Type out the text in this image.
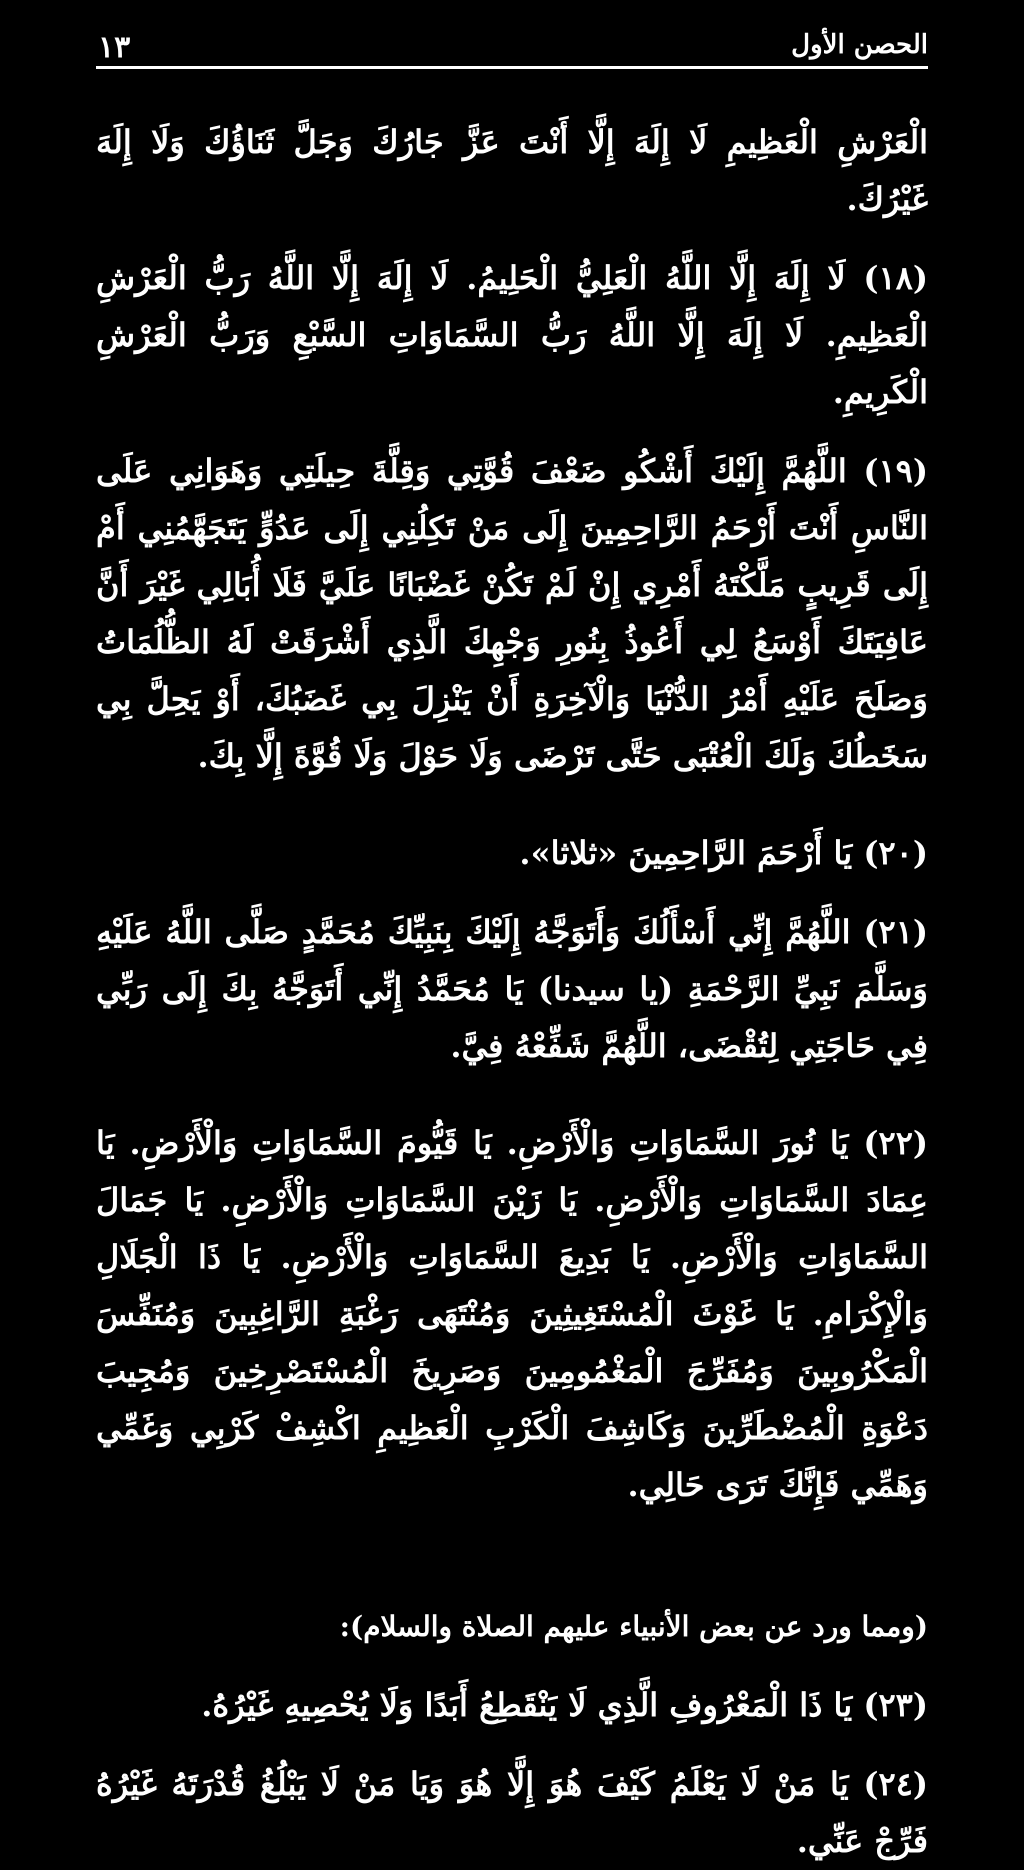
١٣	الحصن الأول

الْعَرْشِ الْعَظِيمِ لَا إِلَهَ إِلَّا أَنْتَ عَزَّ جَارُكَ وَجَلَّ ثَنَاؤُكَ وَلَا إِلَهَ غَيْرُكَ.

(١٨) لَا إِلَهَ إِلَّا اللَّهُ الْعَلِيُّ الْحَلِيمُ. لَا إِلَهَ إِلَّا اللَّهُ رَبُّ الْعَرْشِ الْعَظِيمِ. لَا إِلَهَ إِلَّا اللَّهُ رَبُّ السَّمَاوَاتِ السَّبْعِ وَرَبُّ الْعَرْشِ الْكَرِيمِ.

(١٩) اللَّهُمَّ إِلَيْكَ أَشْكُو ضَعْفَ قُوَّتِي وَقِلَّةَ حِيلَتِي وَهَوَانِي عَلَى النَّاسِ أَنْتَ أَرْحَمُ الرَّاحِمِينَ إِلَى مَنْ تَكِلُنِي إِلَى عَدُوٍّ يَتَجَهَّمُنِي أَمْ إِلَى قَرِيبٍ مَلَّكْتَهُ أَمْرِي إِنْ لَمْ تَكُنْ غَضْبَانًا عَلَيَّ فَلَا أُبَالِي غَيْرَ أَنَّ عَافِيَتَكَ أَوْسَعُ لِي أَعُوذُ بِنُورِ وَجْهِكَ الَّذِي أَشْرَقَتْ لَهُ الظُّلُمَاتُ وَصَلَحَ عَلَيْهِ أَمْرُ الدُّنْيَا وَالْآخِرَةِ أَنْ يَنْزِلَ بِي غَضَبُكَ، أَوْ يَحِلَّ بِي سَخَطُكَ وَلَكَ الْعُتْبَى حَتَّى تَرْضَى وَلَا حَوْلَ وَلَا قُوَّةَ إِلَّا بِكَ.

(٢٠) يَا أَرْحَمَ الرَّاحِمِينَ «ثلاثا».

(٢١) اللَّهُمَّ إِنِّي أَسْأَلُكَ وَأَتَوَجَّهُ إِلَيْكَ بِنَبِيِّكَ مُحَمَّدٍ صَلَّى اللَّهُ عَلَيْهِ وَسَلَّمَ نَبِيِّ الرَّحْمَةِ (يا سيدنا) يَا مُحَمَّدُ إِنِّي أَتَوَجَّهُ بِكَ إِلَى رَبِّي فِي حَاجَتِي لِتُقْضَى، اللَّهُمَّ شَفِّعْهُ فِيَّ.

(٢٢) يَا نُورَ السَّمَاوَاتِ وَالْأَرْضِ. يَا قَيُّومَ السَّمَاوَاتِ وَالْأَرْضِ. يَا عِمَادَ السَّمَاوَاتِ وَالْأَرْضِ. يَا زَيْنَ السَّمَاوَاتِ وَالْأَرْضِ. يَا جَمَالَ السَّمَاوَاتِ وَالْأَرْضِ. يَا بَدِيعَ السَّمَاوَاتِ وَالْأَرْضِ. يَا ذَا الْجَلَالِ وَالْإِكْرَامِ. يَا غَوْثَ الْمُسْتَغِيثِينَ وَمُنْتَهَى رَغْبَةِ الرَّاغِبِينَ وَمُنَفِّسَ الْمَكْرُوبِينَ وَمُفَرِّجَ الْمَغْمُومِينَ وَصَرِيخَ الْمُسْتَصْرِخِينَ وَمُجِيبَ دَعْوَةِ الْمُضْطَرِّينَ وَكَاشِفَ الْكَرْبِ الْعَظِيمِ اكْشِفْ كَرْبِي وَغَمِّي وَهَمِّي فَإِنَّكَ تَرَى حَالِي.

(ومما ورد عن بعض الأنبياء عليهم الصلاة والسلام):

(٢٣) يَا ذَا الْمَعْرُوفِ الَّذِي لَا يَنْقَطِعُ أَبَدًا وَلَا يُحْصِيهِ غَيْرُهُ.

(٢٤) يَا مَنْ لَا يَعْلَمُ كَيْفَ هُوَ إِلَّا هُوَ وَيَا مَنْ لَا يَبْلُغُ قُدْرَتَهُ غَيْرُهُ فَرِّجْ عَنِّي.
